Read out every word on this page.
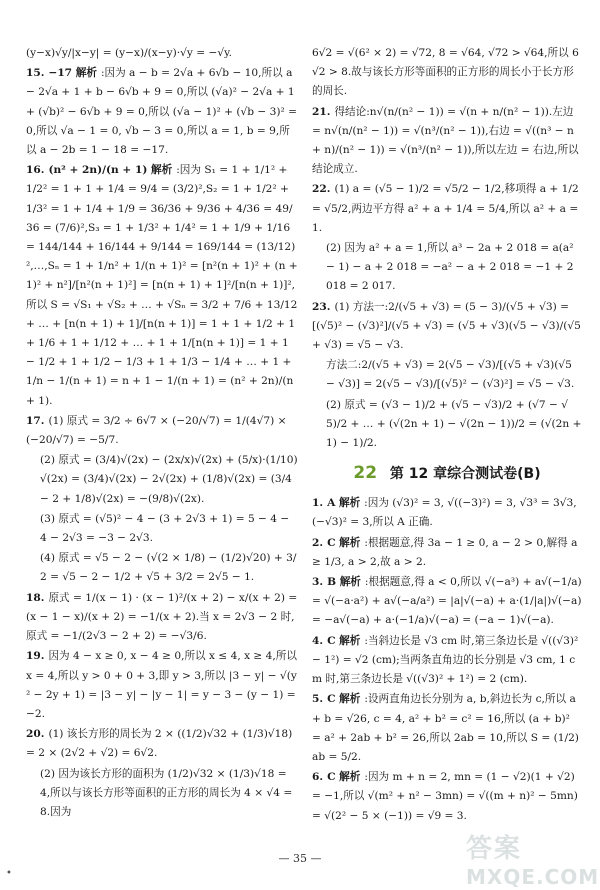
(y−x)√y/|x−y| = (y−x)/(x−y)·√y = −√y.

15. −17 解析 :因为 a − b = 2√a + 6√b − 10,所以 a − 2√a + 1 + b − 6√b + 9 = 0,所以 (√a)² − 2√a + 1 + (√b)² − 6√b + 9 = 0,所以 (√a − 1)² + (√b − 3)² = 0,所以 √a − 1 = 0, √b − 3 = 0,所以 a = 1, b = 9,所以 a − 2b = 1 − 18 = −17.

16. (n² + 2n)/(n + 1) 解析 :因为 S₁ = 1 + 1/1² + 1/2² = 1 + 1 + 1/4 = 9/4 = (3/2)²,S₂ = 1 + 1/2² + 1/3² = 1 + 1/4 + 1/9 = 36/36 + 9/36 + 4/36 = 49/36 = (7/6)²,S₃ = 1 + 1/3² + 1/4² = 1 + 1/9 + 1/16 = 144/144 + 16/144 + 9/144 = 169/144 = (13/12)²,…,Sₙ = 1 + 1/n² + 1/(n + 1)² = [n²(n + 1)² + (n + 1)² + n²]/[n²(n + 1)²] = [n(n + 1) + 1]²/[n(n + 1)]²,所以 S = √S₁ + √S₂ + … + √Sₙ = 3/2 + 7/6 + 13/12 + … + [n(n + 1) + 1]/[n(n + 1)] = 1 + 1 + 1/2 + 1 + 1/6 + 1 + 1/12 + … + 1 + 1/[n(n + 1)] = 1 + 1 − 1/2 + 1 + 1/2 − 1/3 + 1 + 1/3 − 1/4 + … + 1 + 1/n − 1/(n + 1) = n + 1 − 1/(n + 1) = (n² + 2n)/(n + 1).

17. (1) 原式 = 3/2 ÷ 6√7 × (−20/√7) = 1/(4√7) × (−20/√7) = −5/7.

(2) 原式 = (3/4)√(2x) − (2x/x)√(2x) + (5/x)·(1/10)√(2x) = (3/4)√(2x) − 2√(2x) + (1/8)√(2x) = (3/4 − 2 + 1/8)√(2x) = −(9/8)√(2x).

(3) 原式 = (√5)² − 4 − (3 + 2√3 + 1) = 5 − 4 − 4 − 2√3 = −3 − 2√3.

(4) 原式 = √5 − 2 − (√(2 × 1/8) − (1/2)√20) + 3/2 = √5 − 2 − 1/2 + √5 + 3/2 = 2√5 − 1.

18. 原式 = 1/(x − 1) · (x − 1)²/(x + 2) − x/(x + 2) = (x − 1 − x)/(x + 2) = −1/(x + 2).当 x = 2√3 − 2 时,原式 = −1/(2√3 − 2 + 2) = −√3/6.

19. 因为 4 − x ≥ 0, x − 4 ≥ 0,所以 x ≤ 4, x ≥ 4,所以 x = 4,所以 y > 0 + 0 + 3,即 y > 3,所以 |3 − y| − √(y² − 2y + 1) = |3 − y| − |y − 1| = y − 3 − (y − 1) = −2.

20. (1) 该长方形的周长为 2 × ((1/2)√32 + (1/3)√18) = 2 × (2√2 + √2) = 6√2.

(2) 因为该长方形的面积为 (1/2)√32 × (1/3)√18 = 4,所以与该长方形等面积的正方形的周长为 4 × √4 = 8.因为

6√2 = √(6² × 2) = √72, 8 = √64, √72 > √64,所以 6√2 > 8.故与该长方形等面积的正方形的周长小于长方形的周长.

21. 得结论:n√(n/(n² − 1)) = √(n + n/(n² − 1)).左边 = n√(n/(n² − 1)) = √(n³/(n² − 1)),右边 = √((n³ − n + n)/(n² − 1)) = √(n³/(n² − 1)),所以左边 = 右边,所以结论成立.

22. (1) a = (√5 − 1)/2 = √5/2 − 1/2,移项得 a + 1/2 = √5/2,两边平方得 a² + a + 1/4 = 5/4,所以 a² + a = 1.

(2) 因为 a² + a = 1,所以 a³ − 2a + 2 018 = a(a² − 1) − a + 2 018 = −a² − a + 2 018 = −1 + 2 018 = 2 017.

23. (1) 方法一:2/(√5 + √3) = (5 − 3)/(√5 + √3) = [(√5)² − (√3)²]/(√5 + √3) = (√5 + √3)(√5 − √3)/(√5 + √3) = √5 − √3.

方法二:2/(√5 + √3) = 2(√5 − √3)/[(√5 + √3)(√5 − √3)] = 2(√5 − √3)/[(√5)² − (√3)²] = √5 − √3.

(2) 原式 = (√3 − 1)/2 + (√5 − √3)/2 + (√7 − √5)/2 + … + (√(2n + 1) − √(2n − 1))/2 = (√(2n + 1) − 1)/2.

22 第 12 章综合测试卷(B)

1. A 解析 :因为 (√3)² = 3, √((−3)²) = 3, √3³ = 3√3, (−√3)² = 3,所以 A 正确.

2. C 解析 :根据题意,得 3a − 1 ≥ 0, a − 2 > 0,解得 a ≥ 1/3, a > 2,故 a > 2.

3. B 解析 :根据题意,得 a < 0,所以 √(−a³) + a√(−1/a) = √(−a·a²) + a√(−a/a²) = |a|√(−a) + a·(1/|a|)√(−a) = −a√(−a) + a·(−1/a)√(−a) = (−a − 1)√(−a).

4. C 解析 :当斜边长是 √3 cm 时,第三条边长是 √((√3)² − 1²) = √2 (cm);当两条直角边的长分别是 √3 cm, 1 cm 时,第三条边长是 √((√3)² + 1²) = 2 (cm).

5. C 解析 :设两直角边长分别为 a, b,斜边长为 c,所以 a + b = √26, c = 4, a² + b² = c² = 16,所以 (a + b)² = a² + 2ab + b² = 26,所以 2ab = 10,所以 S = (1/2)ab = 5/2.

6. C 解析 :因为 m + n = 2, mn = (1 − √2)(1 + √2) = −1,所以 √(m² + n² − 3mn) = √((m + n)² − 5mn) = √(2² − 5 × (−1)) = √9 = 3.

— 35 —
•
答案
MXQE.COM
